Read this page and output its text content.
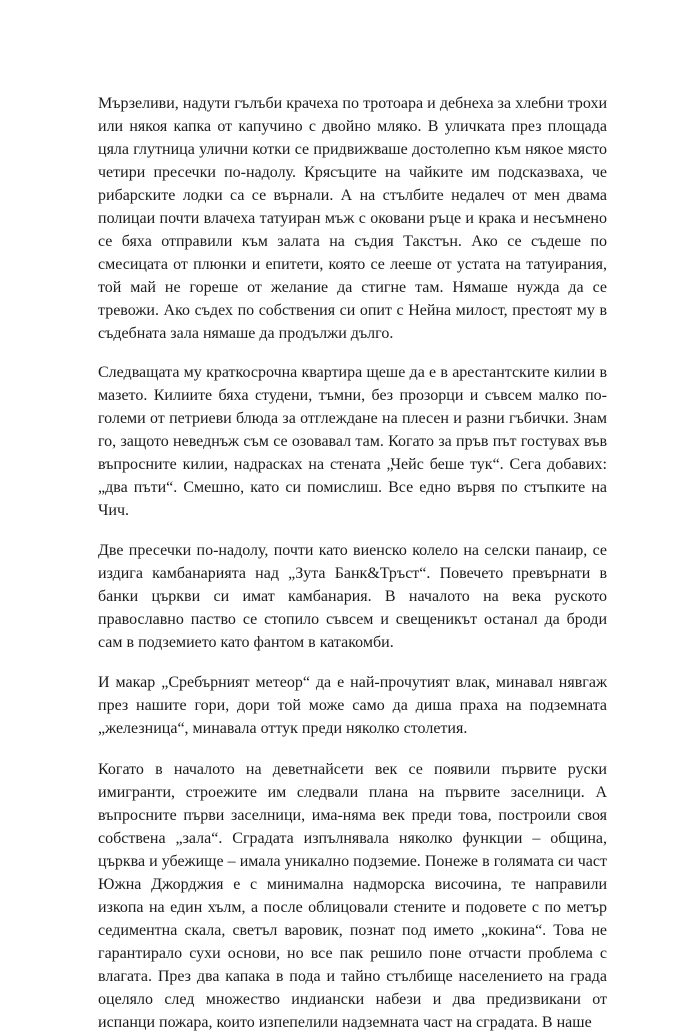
Мързеливи, надути гълъби крачеха по тротоара и дебнеха за хлебни трохи или някоя капка от капучино с двойно мляко. В уличката през площада цяла глутница улични котки се придвижваше достолепно към някое място четири пресечки по-надолу. Крясъците на чайките им подсказваха, че рибарските лодки са се върнали. А на стълбите недалеч от мен двама полицаи почти влачеха татуиран мъж с оковани ръце и крака и несъмнено се бяха отправили към залата на съдия Такстън. Ако се съдеше по смесицата от плюнки и епитети, която се лееше от устата на татуирания, той май не гореше от желание да стигне там. Нямаше нужда да се тревожи. Ако съдех по собствения си опит с Нейна милост, престоят му в съдебната зала нямаше да продължи дълго.

Следващата му краткосрочна квартира щеше да е в арестантските килии в мазето. Килиите бяха студени, тъмни, без прозорци и съвсем малко по-големи от петриеви блюда за отглеждане на плесен и разни гъбички. Знам го, защото неведнъж съм се озовавал там. Когато за пръв път гостувах във въпросните килии, надрасках на стената „Чейс беше тук“. Сега добавих: „два пъти“. Смешно, като си помислиш. Все едно вървя по стъпките на Чич.

Две пресечки по-надолу, почти като виенско колело на селски панаир, се издига камбанарията над „Зута Банк&Тръст“. Повечето превърнати в банки църкви си имат камбанария. В началото на века руското православно паство се стопило съвсем и свещеникът останал да броди сам в подземието като фантом в катакомби.

И макар „Сребърният метеор“ да е най-прочутият влак, минавал нявгаж през нашите гори, дори той може само да диша праха на подземната „железница“, минавала оттук преди няколко столетия.

Когато в началото на деветнайсети век се появили първите руски имигранти, строежите им следвали плана на първите заселници. А въпросните първи заселници, има-няма век преди това, построили своя собствена „зала“. Сградата изпълнявала няколко функции – община, църква и убежище – имала уникално подземие. Понеже в голямата си част Южна Джорджия е с минимална надморска височина, те направили изкопа на един хълм, а после облицовали стените и подовете с по метър седиментна скала, светъл варовик, познат под името „кокина“. Това не гарантирало сухи основи, но все пак решило поне отчасти проблема с влагата. През два капака в пода и тайно стълбище населението на града оцеляло след множество индиански набези и два предизвикани от испанци пожара, които изпепелили надземната част на сградата. В наше
